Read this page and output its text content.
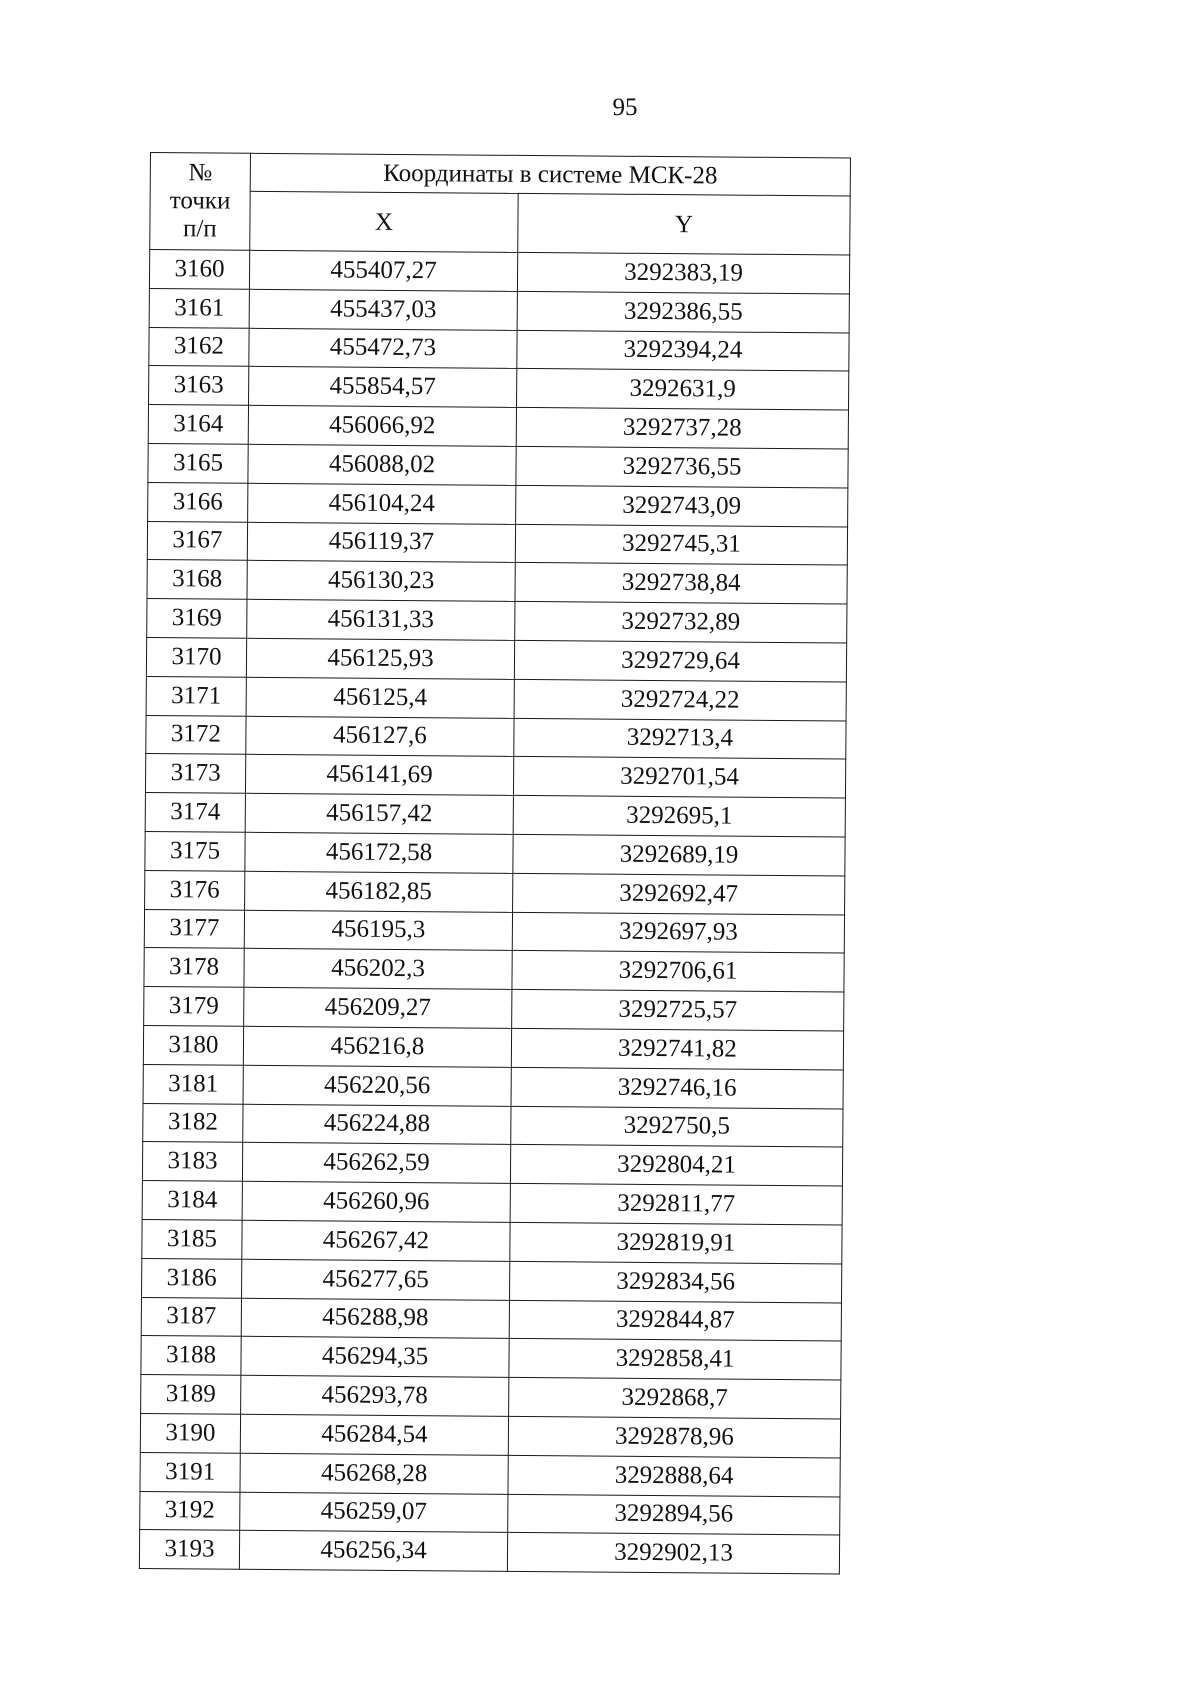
95
№
точки
п/п	Координаты в системе МСК-28	
	X	Y
3160	455407,27	3292383,19
3161	455437,03	3292386,55
3162	455472,73	3292394,24
3163	455854,57	3292631,9
3164	456066,92	3292737,28
3165	456088,02	3292736,55
3166	456104,24	3292743,09
3167	456119,37	3292745,31
3168	456130,23	3292738,84
3169	456131,33	3292732,89
3170	456125,93	3292729,64
3171	456125,4	3292724,22
3172	456127,6	3292713,4
3173	456141,69	3292701,54
3174	456157,42	3292695,1
3175	456172,58	3292689,19
3176	456182,85	3292692,47
3177	456195,3	3292697,93
3178	456202,3	3292706,61
3179	456209,27	3292725,57
3180	456216,8	3292741,82
3181	456220,56	3292746,16
3182	456224,88	3292750,5
3183	456262,59	3292804,21
3184	456260,96	3292811,77
3185	456267,42	3292819,91
3186	456277,65	3292834,56
3187	456288,98	3292844,87
3188	456294,35	3292858,41
3189	456293,78	3292868,7
3190	456284,54	3292878,96
3191	456268,28	3292888,64
3192	456259,07	3292894,56
3193	456256,34	3292902,13
